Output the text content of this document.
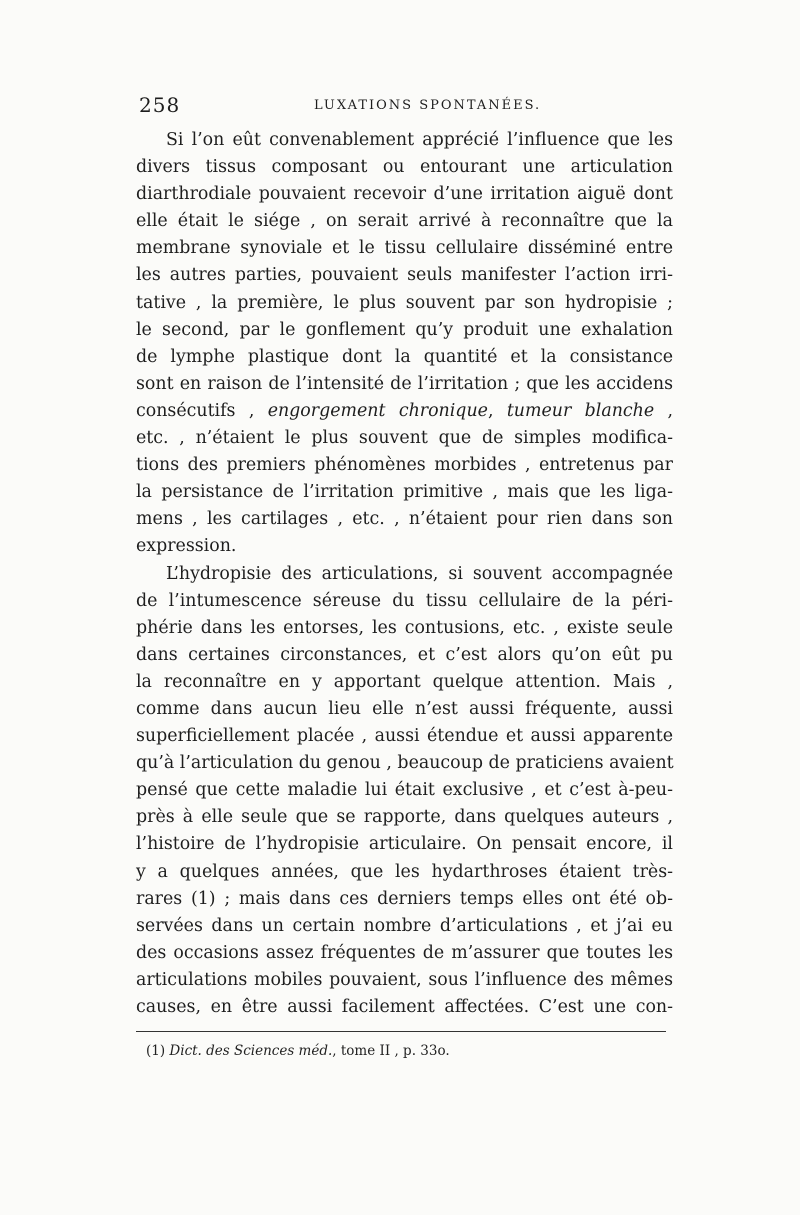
258	LUXATIONS SPONTANÉES.
Si l’on eût convenablement apprécié l’influence que les
divers tissus composant ou entourant une articulation
diarthrodiale pouvaient recevoir d’une irritation aiguë dont
elle était le siége , on serait arrivé à reconnaître que la
membrane synoviale et le tissu cellulaire disséminé entre
les autres parties, pouvaient seuls manifester l’action irri-
tative , la première, le plus souvent par son hydropisie ;
le second, par le gonflement qu’y produit une exhalation
de lymphe plastique dont la quantité et la consistance
sont en raison de l’intensité de l’irritation ; que les accidens
consécutifs , engorgement chronique, tumeur blanche ,
etc. , n’étaient le plus souvent que de simples modifica-
tions des premiers phénomènes morbides , entretenus par
la persistance de l’irritation primitive , mais que les liga-
mens , les cartilages , etc. , n’étaient pour rien dans son
expression.
L’hydropisie des articulations, si souvent accompagnée
de l’intumescence séreuse du tissu cellulaire de la péri-
phérie dans les entorses, les contusions, etc. , existe seule
dans certaines circonstances, et c’est alors qu’on eût pu
la reconnaître en y apportant quelque attention. Mais ,
comme dans aucun lieu elle n’est aussi fréquente, aussi
superficiellement placée , aussi étendue et aussi apparente
qu’à l’articulation du genou , beaucoup de praticiens avaient
pensé que cette maladie lui était exclusive , et c’est à-peu-
près à elle seule que se rapporte, dans quelques auteurs ,
l’histoire de l’hydropisie articulaire. On pensait encore, il
y a quelques années, que les hydarthroses étaient très-
rares (1) ; mais dans ces derniers temps elles ont été ob-
servées dans un certain nombre d’articulations , et j’ai eu
des occasions assez fréquentes de m’assurer que toutes les
articulations mobiles pouvaient, sous l’influence des mêmes
causes, en être aussi facilement affectées. C’est une con-
(1) Dict. des Sciences méd., tome II , p. 33o.
